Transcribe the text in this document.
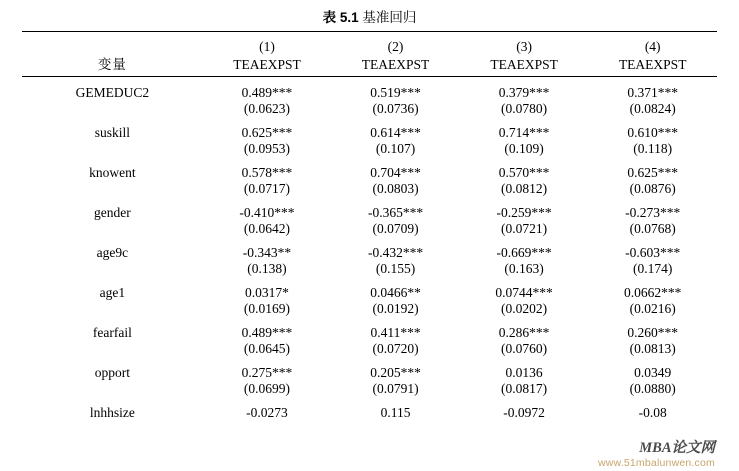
表 5.1 基准回归

	(1)	(2)	(3)	(4)
变量	TEAEXPST	TEAEXPST	TEAEXPST	TEAEXPST

GEMEDUC2	0.489***	0.519***	0.379***	0.371***
	(0.0623)	(0.0736)	(0.0780)	(0.0824)
suskill	0.625***	0.614***	0.714***	0.610***
	(0.0953)	(0.107)	(0.109)	(0.118)
knowent	0.578***	0.704***	0.570***	0.625***
	(0.0717)	(0.0803)	(0.0812)	(0.0876)
gender	-0.410***	-0.365***	-0.259***	-0.273***
	(0.0642)	(0.0709)	(0.0721)	(0.0768)
age9c	-0.343**	-0.432***	-0.669***	-0.603***
	(0.138)	(0.155)	(0.163)	(0.174)
age1	0.0317*	0.0466**	0.0744***	0.0662***
	(0.0169)	(0.0192)	(0.0202)	(0.0216)
fearfail	0.489***	0.411***	0.286***	0.260***
	(0.0645)	(0.0720)	(0.0760)	(0.0813)
opport	0.275***	0.205***	0.0136	0.0349
	(0.0699)	(0.0791)	(0.0817)	(0.0880)
lnhhsize	-0.0273	0.115	-0.0972	-0.08
MBA论文网
www.51mbalunwen.com
